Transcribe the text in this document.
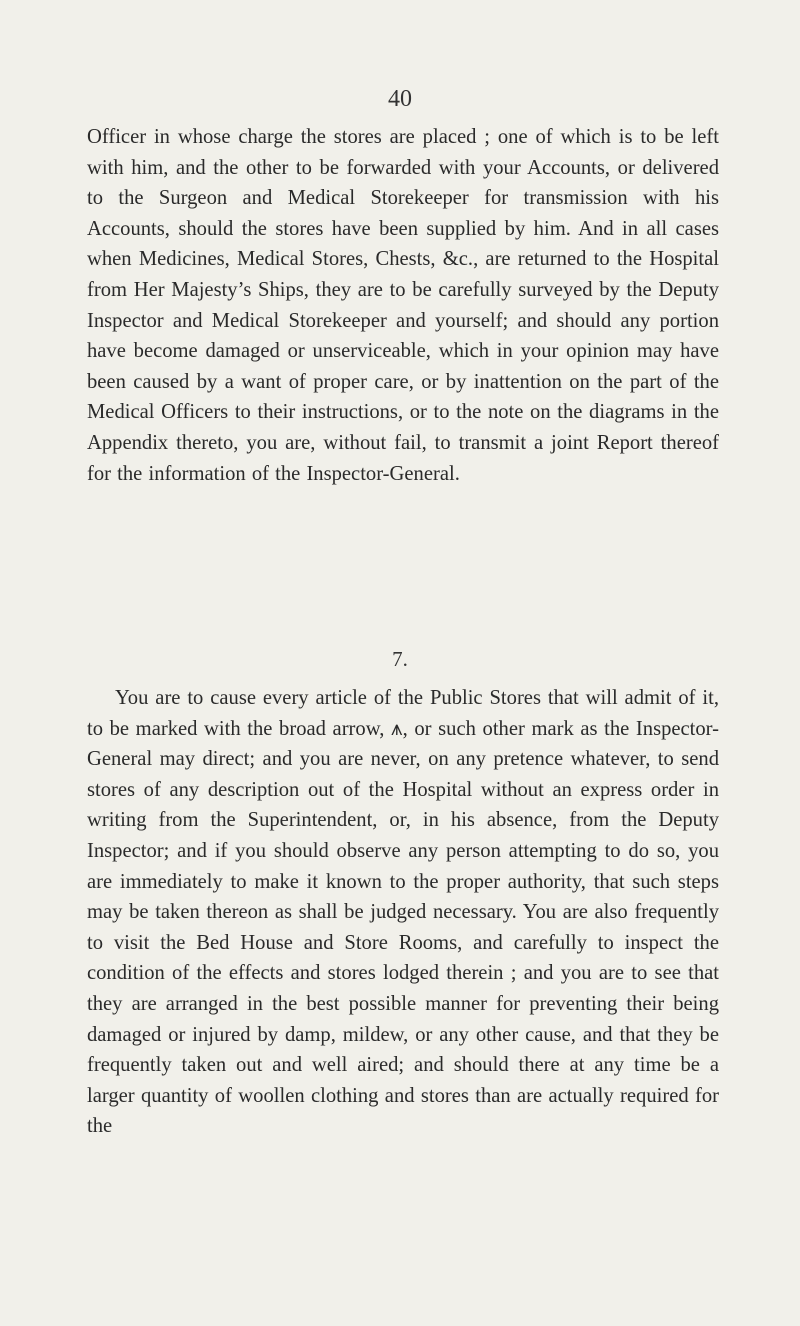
40

Officer in whose charge the stores are placed ; one of which is to be left with him, and the other to be forwarded with your Accounts, or delivered to the Surgeon and Medical Storekeeper for transmission with his Accounts, should the stores have been supplied by him. And in all cases when Medicines, Medical Stores, Chests, &c., are returned to the Hospital from Her Majesty’s Ships, they are to be carefully surveyed by the Deputy Inspector and Medical Storekeeper and yourself; and should any portion have become damaged or unserviceable, which in your opinion may have been caused by a want of proper care, or by inattention on the part of the Medical Officers to their instructions, or to the note on the diagrams in the Appendix thereto, you are, without fail, to transmit a joint Report thereof for the information of the Inspector-General.

7.

You are to cause every article of the Public Stores that will admit of it, to be marked with the broad arrow, ⩚, or such other mark as the Inspector-General may direct; and you are never, on any pretence whatever, to send stores of any description out of the Hospital without an express order in writing from the Superintendent, or, in his absence, from the Deputy Inspector; and if you should observe any person attempting to do so, you are immediately to make it known to the proper authority, that such steps may be taken thereon as shall be judged necessary. You are also frequently to visit the Bed House and Store Rooms, and carefully to inspect the condition of the effects and stores lodged therein ; and you are to see that they are arranged in the best possible manner for preventing their being damaged or injured by damp, mildew, or any other cause, and that they be frequently taken out and well aired; and should there at any time be a larger quantity of woollen clothing and stores than are actually required for the
